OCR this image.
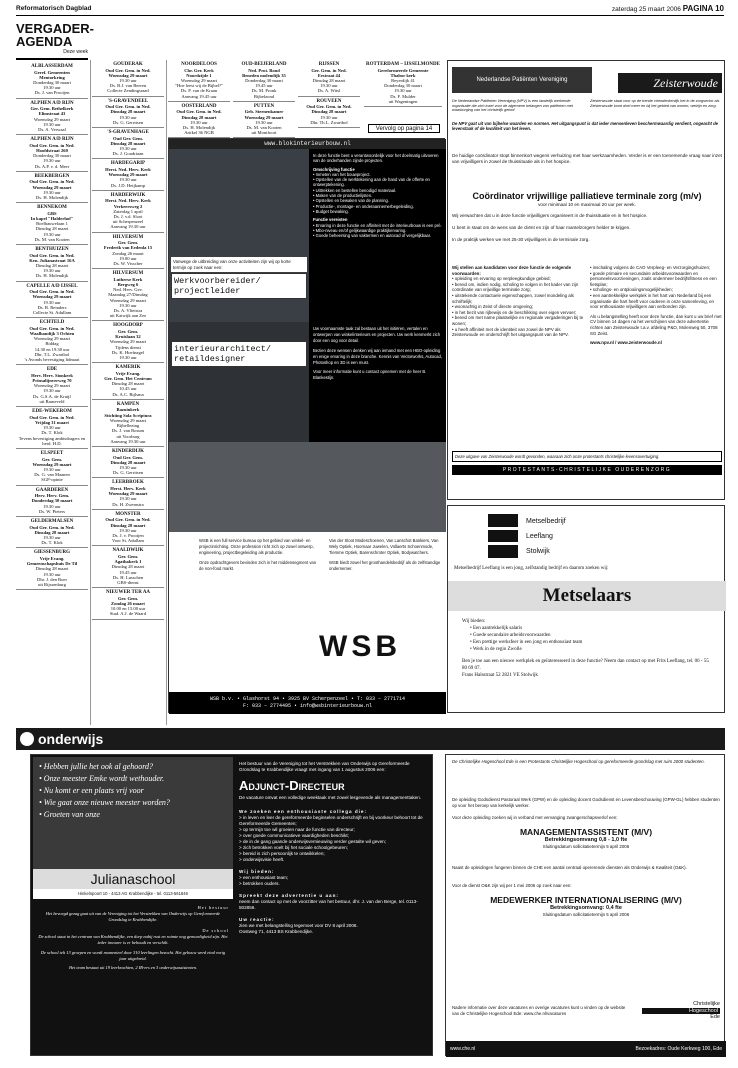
Reformatorisch Dagblad	zaterdag 25 maart 2006 PAGINA 10
VERGADER-AGENDA
Deze week
ALBLASSERDAM
Geref. Gemeenten
Mentorkring
Donderdag 30 maart
19.30 uur
Ds. J. van Prooijen
ALPHEN A/D RIJN
Ger. Gem. Bethelkerk
Elimstraat 43
Woensdag 29 maart
19.30 uur
Ds. A. Verwaal
ALPHEN A/D RIJN
Oud Ger. Gem. in Ned.
Hoofdstraat 260
Donderdag 30 maart
19.30 uur
Ds. A.P. v. d. Meer
BEEKBERGEN
Oud Ger. Gem. in Ned.
Woensdag 29 maart
19.30 uur
Ds. H. Molendijk
BENNEKOM
GBS
In kapel "Halderhof"
Boelhauwelaan 1
Dinsdag 28 maart
19.30 uur
Ds. M. van Kooten
BENTHUIZEN
Oud Ger. Gem. in Ned.
Ken. Julianastraat 16A
Dinsdag 28 maart
19.30 uur
Ds. H. Molendijk
CAPELLE A/D IJSSEL
Oud Ger. Gem. in Ned.
Woensdag 29 maart
19.30 uur
Ds. B. Reinders
Collecte St. Adullam
ECHTELD
Oud Ger. Gem. in Ned.
Waalbandijk 3 Ochten
Woensdag 29 maart
Biddag
14.30 en 19.30 uur
Dhr. T.L. Zwartbol
's Avonds bevestiging lidmaat
EDE
Herv. Herv. Sionkerk
Prinsalijnverweg 70
Woensdag 29 maart
19.30 uur
Ds. G.S.A. de Kruijf
uit Barneveld
EDE-WEKEROM
Oud Ger. Gem. in Ned.
Vrijdag 31 maart
19.30 uur
Ds. T. Klok
Tevens bevestiging ambtsdragers en
herd. H.D.
ELSPEET
Ger. Gem.
Woensdag 29 maart
19.30 uur
Ds. G. van Maanen
SGP-opinie
GAARDEREN
Herv. Herv. Gem.
Donderdag 30 maart
19.30 uur
Ds. W. Pieters
GELDERMALSEN
Oud Ger. Gem. in Ned.
Dinsdag 28 maart
19.30 uur
Ds. T. Klok
GIESSENBURG
Vrije Evang.
Gemeenschapshuis De Til
Dinsdag 28 maart
19.30 uur
Dhr. J. den Boer
uit Rijssenburg
GOUDERAK
Oud Ger. Gem. in Ned.
Woensdag 29 maart
19.30 uur
Ds. B.J. van Beeren
Collecte Zendingsraad
'S-GRAVENDEEL
Oud Ger. Gem. in Ned.
Dinsdag 28 maart
19.30 uur
Ds. G. Gerritsen
'S-GRAVENHAGE
Oud Ger. Gem.
Dinsdag 28 maart
19.30 uur
Ds. J. Goudriaan
HARDEGARIP
Herst. Ned. Herv. Kerk
Woensdag 29 maart
19.30 uur
Ds. J.D. Heijkamp
HARDERWIJK
Herst. Ned. Herv. Kerk
Verkeersweg 2
Zaterdag 1 april
Ds. J. v.d. Sloot
uit Scherpenzeel
Aanvang 19.30 uur
HILVERSUM
Ger. Gem.
Frederik van Eedenla 15
Zondag 26 maart
19.00 uur
Ds. W. Visscher
HILVERSUM
Lutherse Kerk
Bergweg 6
Ned. Herv. Gev.
Maandag 27/Dinsdag
Woensdag 29 maart
19.30 uur
Ds. A. Vlietstra
uit Katwijk aan Zee
HOOGDORP
Ger. Gem.
Kruislaan 32
Woensdag 29 maart
Tijdens dienst
Ds. K. Hoefnagel
19.30 uur
KAMERIK
Vrije Evang.
Ger. Gem. Het Centrum
Dinsdag 28 maart
10.45 uur
Ds. A.C. Bijlsma
KAMPEN
Bazuinkerk
Stichting Sola Scriptura
Woensdag 29 maart
Bijbellezing
Ds. J. van Rosum
uit Voorburg
Aanvang 19.30 uur
KINDERDIJK
Oud Ger. Gem.
Dinsdag 28 maart
19.30 uur
Ds. G. Gerritsen
LEERBROEK
Herst. Herv. Kerk
Woensdag 29 maart
19.30 uur
Ds. H. Zwemstra
MONSTER
Oud Ger. Gem. in Ned.
Dinsdag 28 maart
19.30 uur
Ds. J. v. Prooijen
Voor St. Adullam
NAALDWIJK
Ger. Gem.
Agathakerk 1
Dinsdag 28 maart
19.45 uur
Ds. H. Lusschen
GBS-dienst
NIEUWER TER AA
Ger. Gem.
Zondag 26 maart
10.00 en 15.00 uur
Stud. A.J. de Waard
NOORDELOOS
Chr. Ger. Kerk
Noordzijde 1
Woensdag 29 maart
"Hoe leest wij de Bijbel?"
Ds. P. van de Kraan
Aanvang 19.45 uur
OOSTERLAND
Oud Ger. Gem. in Ned.
Dinsdag 28 maart
19.30 uur
Ds. H. Molendijk
Artikel 36 NGB
OUD-BEIJERLAND
Ned. Prot. Bond
Beneden molendijk 35
Donderdag 30 maart
19.45 uur
Ds. M. Pronk
Bijbelzond
PUTTEN
Geb. Steenenkamer
Woensdag 29 maart
19.30 uur
Ds. M. van Kooten
uit Montfoort
RIJSSEN
Ger. Gem. in Ned.
Eestraat 44
Dinsdag 28 maart
19.30 uur
Ds. A. Witsl
ROUVEEN
Oud Ger. Gem. in Ned.
Dinsdag 28 maart
19.30 uur
Dhr. Th.L. Zwartbol
ROTTERDAM – IJSSELMONDE
Gereformeerde Gemeente
Thabor kerk
Reyerdijk 41
Donderdag 30 maart
19.30 uur
Ds. F. Mulder
uit Wageningen
Vervolg op pagina 14
www.blokinterieurbouw.nl
Vanwege de uitbreiding van onze activiteiten zijn wij op korte termijn op zoek naar een:
Werkvoorbereider/ projectleider
In deze functie bent u verantwoordelijk voor het doelmatig uitvoeren van de onderhanden zijnde projecten.
Omschrijving functie
• Inmeten van het bouwproject.
• Opstellen van de werktekening aan de hand van de offerte en ontwerptekening.
• Uittrekken en bestellen benodigd materiaal.
• Maken van de productielijsten.
• Opstellen en bewaken van de planning.
• Productie-, montage- en onderaannemerbegeleiding.
• Budget bewaking.
Functie vereisten
• Ervaring in deze functie en affiniteit met de interieurbouw is een pré.
• Mbo-niveau en/of gelijkwaardige praktijkervaring.
• Goede beheersing van vaktermen en autocad of vergelijkbaar.
interieurarchitect/ retaildesigner
Uw voornaamste taak zal bestaan uit het initiëren, vertalen en ontwerpen van winkelinterieurs en projecten. Uw werk kenmerkt zich door een oog voor detail.
Bezien deze wensen denken wij aan iemand met een HBO-opleiding en enige ervaring in deze branche. Kennis van Vectorworks, Autocad, Photoshop en 3D is een must.
Voor meer informatie kunt u contact opnemen met de heer B. Blankestijn.
WSB is een full service bureau op het gebied van winkel- en projectinrichting. Onze profession richt zich op zowel ontwerp, engineering, projectbegeleiding als productie.
Onze opdrachtgevers bevinden zich in het middensegment van de non-food markt.
Van der Sloot Modeschoenen, Van Lanschot Bankiers, Van Wely Optiek, Hoornaar Juwelen, Vollaerts Schoenmode, Tiemme Optiek, Barenschroter Optiek, Bodywatchers.
WSB biedt zowel het groothandelsbedrijf als de zelfstandige ondernemer.
WSB
WSB b.v. • Glashorst 94 • 3925 BV Scherpenzeel • T: 033 – 2771714
F: 033 – 2774495 • info@wsbinterieurbouw.nl
Nederlandse Patiënten Vereniging	Zeisterwoude
De Nederlandse Patiënten Vereniging (NPV) is een landelijk werkende organisatie die zich inzet voor de algemene belangen van patiënten met waarborging van het christelijk geloof.
Zeisterwoude staat voor op de trende vriendenkenlijk het in de zorgsector als Zeisterwoude komt doel meer en bij het gebied van wonen, welzijn en zorg.
De NPV gaat uit van bijbelse waarden en normen. Het uitgangspunt is dat ieder mensenleven beschermwaardig verdient, ongeacht de levenstaak of de kwaliteit van het leven.
De huidige coördinator stopt binnenkort wegens verhuizing met haar werkzaamheden. Verder is er een toenemende vraag naar inzet van vrijwilligers in zowel de thuissituatie als in het hospice.
Coördinator vrijwillige palliatieve terminale zorg (m/v)
voor minimaal 10 en maximaal 20 uur per week.
Wij verwachten dat u in deze functie vrijwilligers organiseert in de thuissituatie en in het hospice.
U bent in staat om de wens van de cliënt en zijn of haar mantelzorgers helder te krijgen.
In de praktijk werken we met 25-30 vrijwilligers in de terminale zorg.
Wij stellen aan kandidaten voor deze functie de volgende voorwaarden:
• opleiding en ervaring op verpleegkundige gebied;
• bereid om, indien nodig, scholing te volgen in het kader van zijn coördinatie van vrijwillige terminale zorg;
• uitstekende contactuele eigenschappen, zowel mondeling als schriftelijk;
• woonachtig in Zeist of directe omgeving;
• in het bezit van rijbewijs en de beschikking over eigen vervoer;
• bereid om met name plaatselijke en regionale vergaderingen bij te wonen;
• u heeft affiniteit met de identiteit van zowel de NPV als Zeisterwoude en onderschrijft het uitgangspunt van de NPV.
• inschaling volgens de CAO Verpleeg- en Verzorgingshuizen;
• goede primaire en secundaire arbeidsvoorwaarden en personeelsvoorzieningen, zoals ondermeer bedrijfsfitness en een fietsplan;
• scholings- en ontplooiingsmogelijkheden;
• een aantrekkelijke werkplek in het hart van Nederland bij een organisatie die hart heeft voor ouderen in onze samenleving, en voor enthousiaste vrijwilligers aan verbonden zijn.
Als u belangstelling heeft voor deze functie, dan kunt u uw brief met CV binnen 14 dagen na het verschijnen van deze advertentie richten aan Zeisterwoude t.a.v. afdeling P&O, Molenweg 50, 3708 SG Zeist.
www.npv.nl / www.zeisterwoude.nl
Deze uitgave van Zeisterwoude wordt gevonden, waaraan zich onze protestants christelijke levensovertuiging.
PROTESTANTS-CHRISTELIJKE OUDERENZORG
Metselbedrijf
Leeflang
Stolwijk
Metselbedrijf Leeflang is een jong, zelfstandig bedrijf en daarom zoeken wij:
Metselaars
Wij bieden:
• Een aantrekkelijk salaris
• Goede secundaire arbeidsvoorwaarden
• Een prettige werksfeer in een jong en enthousiast team
• Werk in de regio Zwolle
Ben je toe aan een nieuwe werkplek en geïnteresseerd in deze functie? Neem dan contact op met Frits Leeflang, tel. 06 - 55 80 69 07.
Frans Halsstraat 52 2821 VE Stolwijk
onderwijs
• Hebben jullie het ook al gehoord?
• Onze meester Emke wordt wethouder.
• Nu komt er een plaats vrij voor
• Wie gaat onze nieuwe meester worden?
• Groeten van onze
Julianaschool
Hinkelnpoort 10 - 4413 AG Krabbendijke - tel. 0113-561846
Het bestuur
Het bevoegd gezag gaat uit van de Vereniging tot het Verstrekken van Onderwijs op Gereformeerde Grondslag te Krabbendijke.
De school
De school staat in het centrum van Krabbendijke, een dorp nabij rust en ruimte nog gemoedigheid zijn. Het ieder inwoner is er behoudt en verschilt.
De school telt 13 groepen en wordt momenteel door 310 leerlingen bezocht. Het gebouw werd eind vorig jaar uitgebreid.
Het team bestaat uit 19 leerkrachten, 2 IB-ers en 3 onderwijsassistenten.
Het bestuur van de Vereniging tot het Verstrekken van Onderwijs op Gereformeerde Grondslag te Krabbendijke vraagt met ingang van 1 augustus 2006 een:
Adjunct-Directeur
De vacature omvat een volledige weektaak met zowel lesgevende als managementtaken.
We zoeken een enthousiaste collega die:
> in leven en leer de gereformeerde beginselen onderschrijft en bij voorkeur behoort tot de Gereformeerde Gemeenten;
> op termijn toe wil groeien naar de functie van directeur;
> over goede communicatieve vaardigheden beschikt;
> de in de gang gaande onderwijsvernieuwing verder gestalte wil geven;
> zich betrokken voelt bij het sociale schoolgebeuren;
> bereid is zich persoonlijk te ontwikkelen;
> onderwijsvisie heeft.
Wij bieden:
> een enthousiast team;
> betrokken ouders.
Spreekt deze advertentie u aan:
neem dan contact op met de voorzitter van het bestuur, dhr. J. van den Berge, tel. 0113-502856.
Uw reactie:
zien we met belangstelling tegemoet voor DV 8 april 2006.
Oostweg 71, 4413 BS Krabbendijke.
De Christelijke Hogeschool Ede is een Protestants Christelijke Hogeschool op gereformeerde grondslag met ruim 2000 studenten.
De opleiding Godsdienst Pastoraal Werk (GPW) en de opleiding docent Godsdienst en Levensbeschouwing (GPW-GL) hebben studenten op voor het beroep van kerkelijk werker.
Voor deze opleiding zoeken wij in verband met vervanging zwangerschapsverlof een:
MANAGEMENTASSISTENT (M/V)
Betrekkingsomvang 0,8 - 1,0 fte
Sluitingsdatum sollicitatietermijn 5 april 2006
Naast de opleidingen fungeren binnen de CHE een aantal centraal opererende diensten als Onderwijs & Kwaliteit (O&K).
Voor de dienst O&K zijn wij per 1 mei 2006 op zoek naar een:
MEDEWERKER INTERNATIONALISERING (M/V)
Betrekkingsomvang: 0,4 fte
Sluitingsdatum sollicitatietermijn 5 april 2006
Nadere informatie over deze vacatures en overige vacatures kunt u vinden op de website van de Christelijke Hogeschool Ede: www.che.nl/vacatures
Christelijke
Hogeschool
Ede
www.che.nl	Bezoekadres: Oude Kerkweg 100, Ede
